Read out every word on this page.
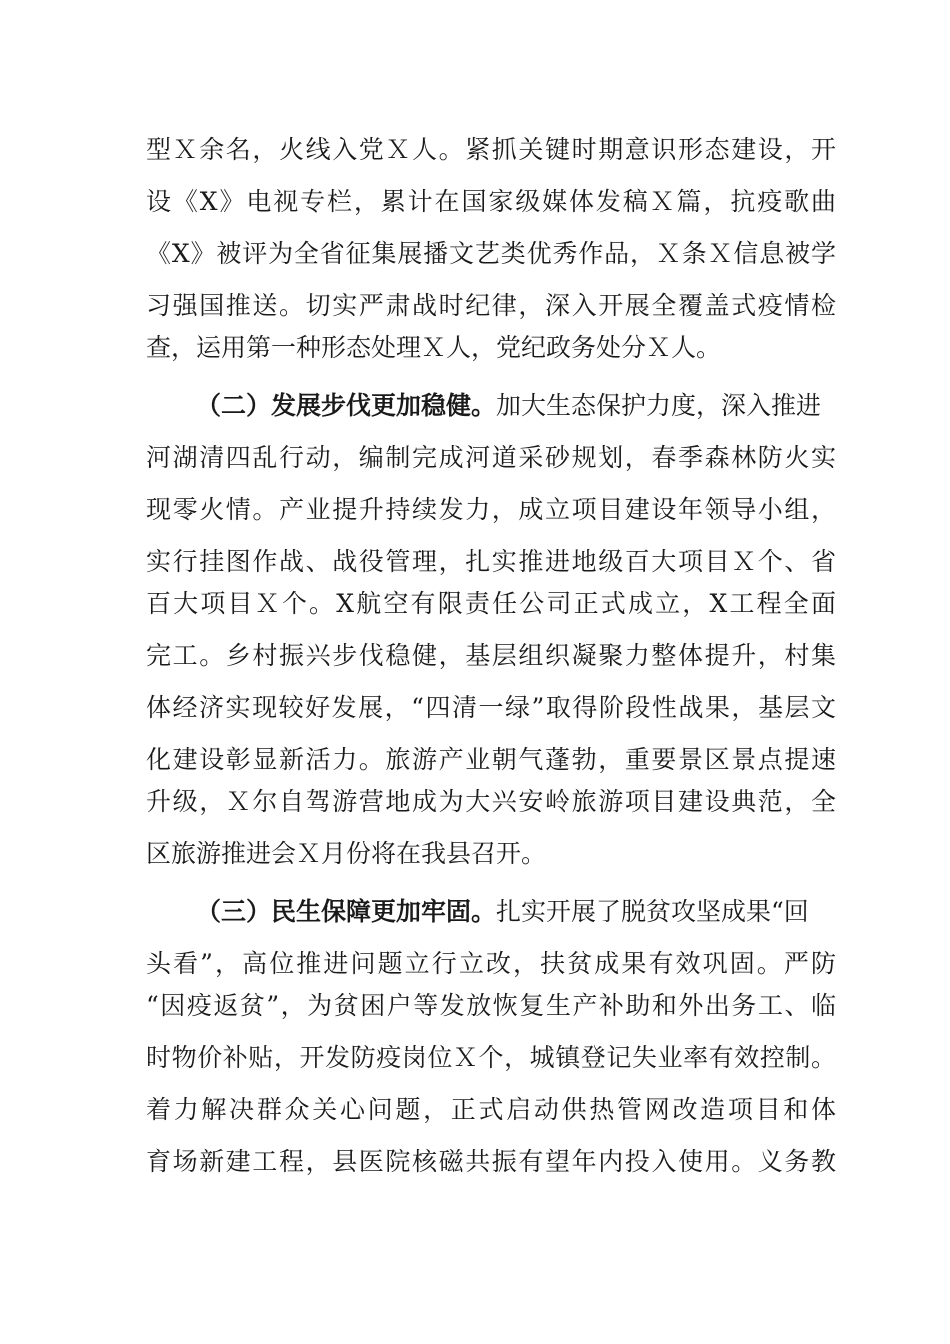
型Ｘ余名，火线入党Ｘ人。紧抓关键时期意识形态建设，开
设《X》电视专栏，累计在国家级媒体发稿Ｘ篇，抗疫歌曲
《X》被评为全省征集展播文艺类优秀作品，Ｘ条Ｘ信息被学
习强国推送。切实严肃战时纪律，深入开展全覆盖式疫情检
查，运用第一种形态处理Ｘ人，党纪政务处分Ｘ人。
（二）发展步伐更加稳健。加大生态保护力度，深入推进
河湖清四乱行动，编制完成河道采砂规划，春季森林防火实
现零火情。产业提升持续发力，成立项目建设年领导小组，
实行挂图作战、战役管理，扎实推进地级百大项目Ｘ个、省
百大项目Ｘ个。X航空有限责任公司正式成立，X工程全面
完工。乡村振兴步伐稳健，基层组织凝聚力整体提升，村集
体经济实现较好发展，“四清一绿”取得阶段性战果，基层文
化建设彰显新活力。旅游产业朝气蓬勃，重要景区景点提速
升级，Ｘ尔自驾游营地成为大兴安岭旅游项目建设典范，全
区旅游推进会Ｘ月份将在我县召开。
（三）民生保障更加牢固。扎实开展了脱贫攻坚成果“回
头看”，高位推进问题立行立改，扶贫成果有效巩固。严防
“因疫返贫”，为贫困户等发放恢复生产补助和外出务工、临
时物价补贴，开发防疫岗位Ｘ个，城镇登记失业率有效控制。
着力解决群众关心问题，正式启动供热管网改造项目和体
育场新建工程，县医院核磁共振有望年内投入使用。义务教
